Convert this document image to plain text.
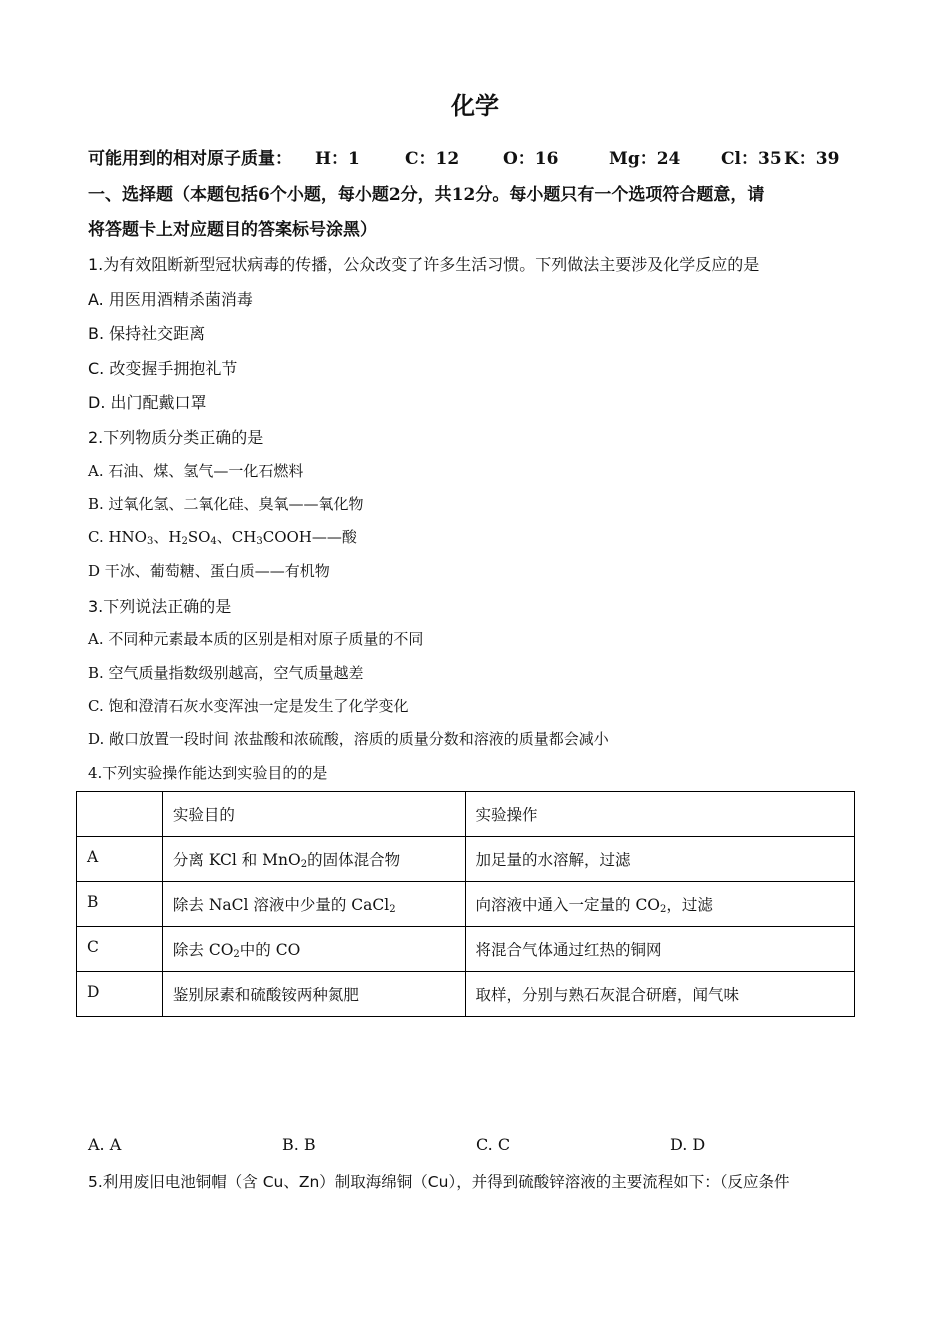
化学
可能用到的相对原子质量： H：1	C：12	O：16	Mg：24 Cl：35 K：39
一、选择题（本题包括6个小题，每小题2分，共12分。每小题只有一个选项符合题意，请
将答题卡上对应题目的答案标号涂黑）
1.为有效阻断新型冠状病毒的传播，公众改变了许多生活习惯。下列做法主要涉及化学反应的是
A. 用医用酒精杀菌消毒
B. 保持社交距离
C. 改变握手拥抱礼节
D. 出门配戴口罩
2.下列物质分类正确的是
A. 石油、煤、氢气—一化石燃料
B. 过氧化氢、二氧化硅、臭氧——氧化物
C. $HNO_3$、$H_2SO_4$、$CH_3COOH——$酸
D 干冰、葡萄糖、蛋白质——有机物
3.下列说法正确的是
A. 不同种元素最本质的区别是相对原子质量的不同
B. 空气质量指数级别越高，空气质量越差
C. 饱和澄清石灰水变浑浊一定是发生了化学变化
D. 敞口放置一段时间 浓盐酸和浓硫酸，溶质的质量分数和溶液的质量都会减小
4.下列实验操作能达到实验目的的是
	实验目的	实验操作
A	分离 KCl 和 MnO$_2$的固体混合物	加足量的水溶解，过滤
B	除去 NaCl 溶液中少量的 CaCl$_2$	向溶液中通入一定量的 $CO_2$，过滤
C	除去 $CO_2$中的 CO	将混合气体通过红热的铜网
D	鉴别尿素和硫酸铵两种氮肥	取样，分别与熟石灰混合研磨，闻气味
A. A	B. B	C. C	D. D
5.利用废旧电池铜帽（含 Cu、Zn）制取海绵铜（Cu），并得到硫酸锌溶液的主要流程如下：（反应条件
